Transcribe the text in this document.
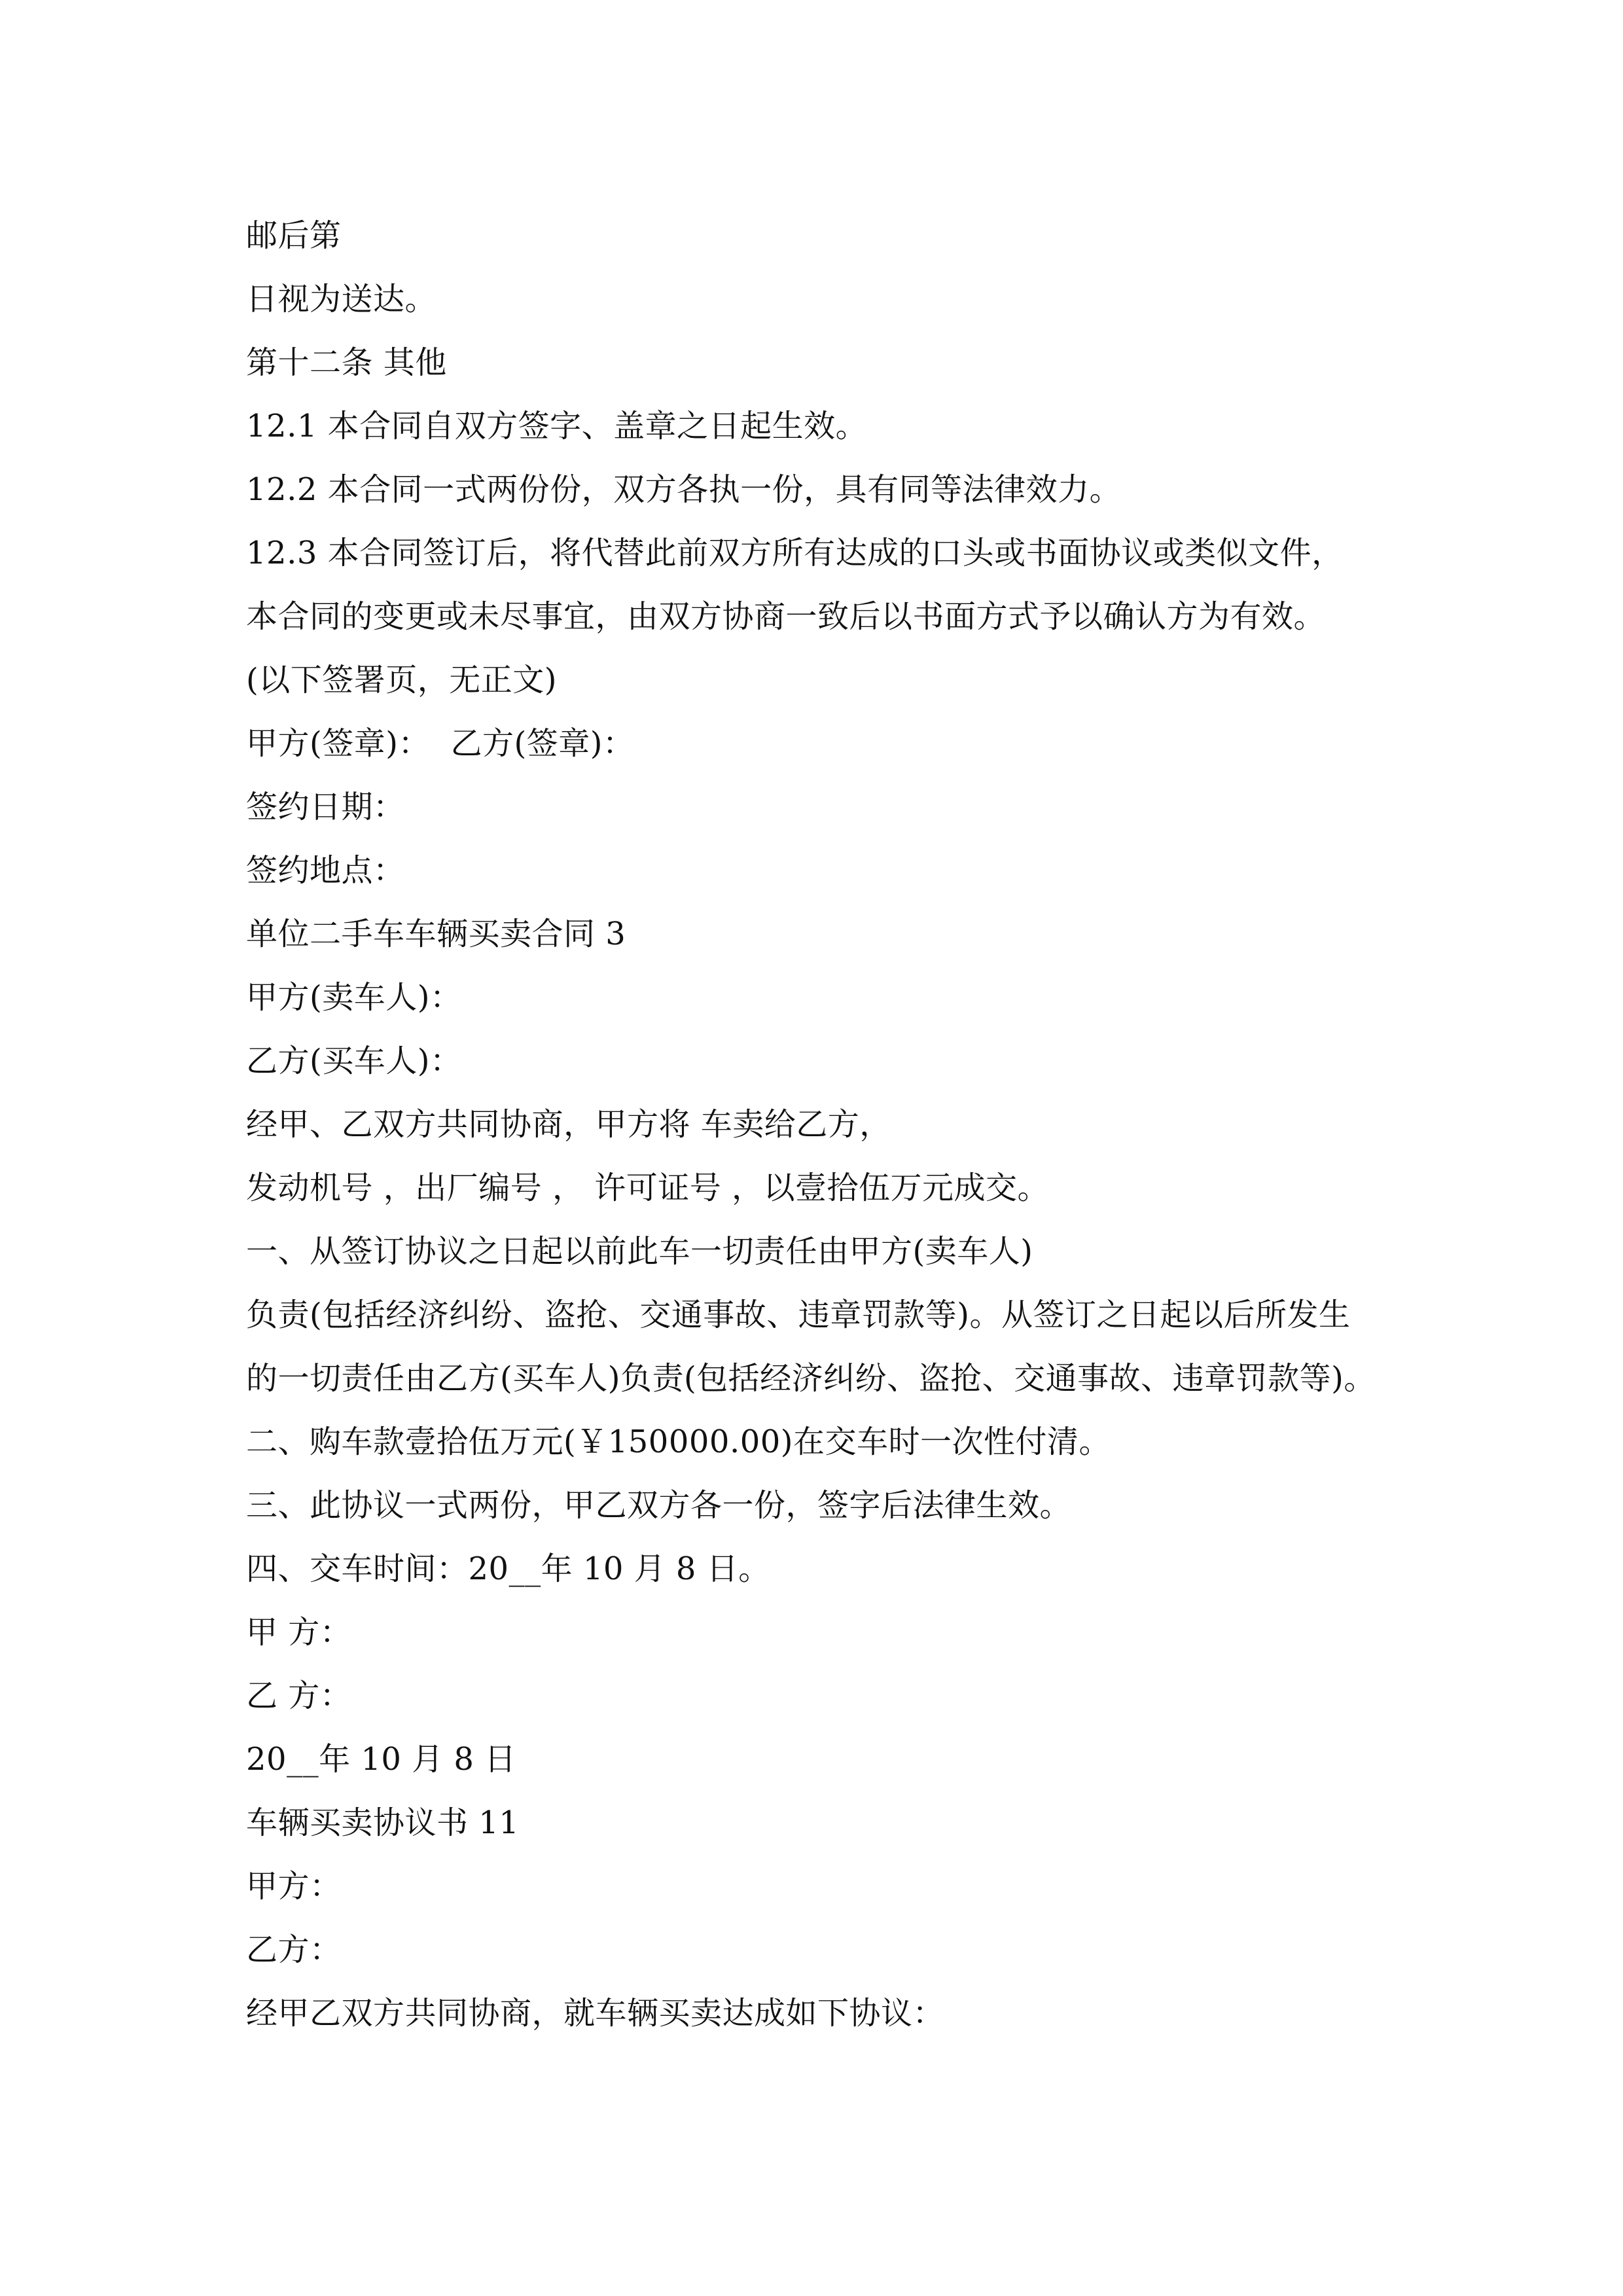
邮后第
日视为送达。
第十二条 其他
12.1 本合同自双方签字、盖章之日起生效。
12.2 本合同一式两份份，双方各执一份，具有同等法律效力。
12.3 本合同签订后，将代替此前双方所有达成的口头或书面协议或类似文件，
本合同的变更或未尽事宜，由双方协商一致后以书面方式予以确认方为有效。
(以下签署页，无正文)
甲方(签章)：  乙方(签章)：
签约日期：
签约地点：
单位二手车车辆买卖合同 3
甲方(卖车人)：
乙方(买车人)：
经甲、乙双方共同协商，甲方将 车卖给乙方，
发动机号 ，出厂编号 ， 许可证号 ，以壹拾伍万元成交。
一、从签订协议之日起以前此车一切责任由甲方(卖车人)
负责(包括经济纠纷、盗抢、交通事故、违章罚款等)。从签订之日起以后所发生
的一切责任由乙方(买车人)负责(包括经济纠纷、盗抢、交通事故、违章罚款等)。
二、购车款壹拾伍万元(￥150000.00)在交车时一次性付清。
三、此协议一式两份，甲乙双方各一份，签字后法律生效。
四、交车时间：20__年 10 月 8 日。
甲 方：
乙 方：
20__年 10 月 8 日
车辆买卖协议书 11
甲方：
乙方：
经甲乙双方共同协商，就车辆买卖达成如下协议：
